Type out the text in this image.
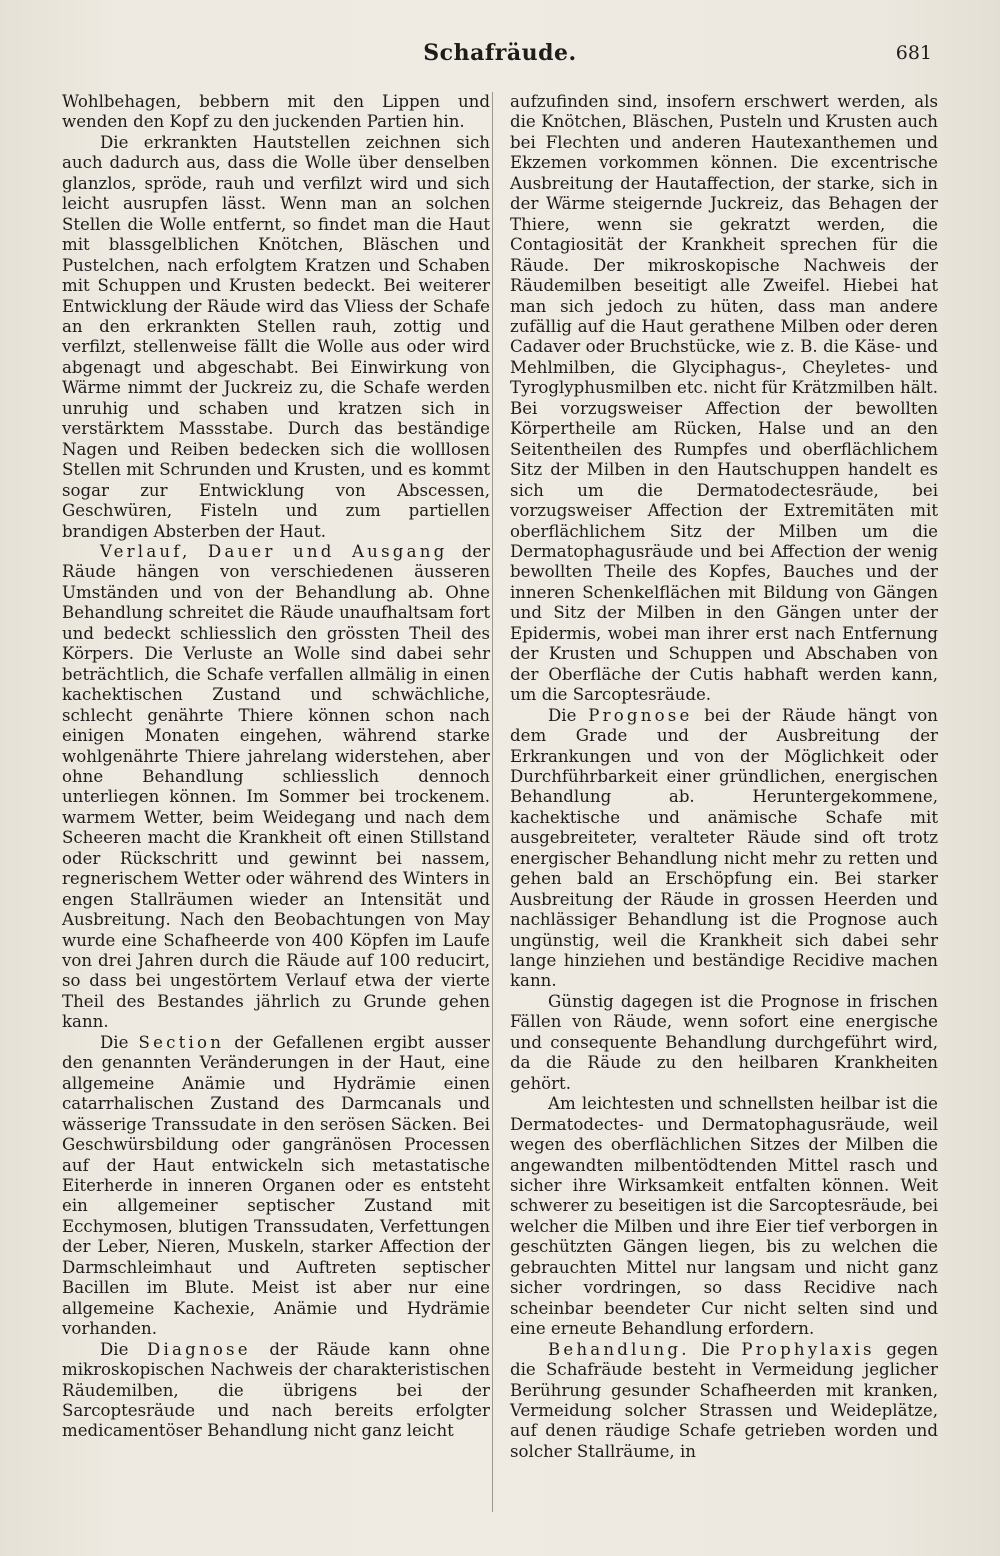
Schafräude.	681

Wohlbehagen, bebbern mit den Lippen und wenden den Kopf zu den juckenden Partien hin.

Die erkrankten Hautstellen zeichnen sich auch dadurch aus, dass die Wolle über denselben glanzlos, spröde, rauh und verfilzt wird und sich leicht ausrupfen lässt. Wenn man an solchen Stellen die Wolle entfernt, so findet man die Haut mit blassgelblichen Knötchen, Bläschen und Pustelchen, nach erfolgtem Kratzen und Schaben mit Schuppen und Krusten bedeckt. Bei weiterer Entwicklung der Räude wird das Vliess der Schafe an den erkrankten Stellen rauh, zottig und verfilzt, stellenweise fällt die Wolle aus oder wird abgenagt und abgeschabt. Bei Einwirkung von Wärme nimmt der Juckreiz zu, die Schafe werden unruhig und schaben und kratzen sich in verstärktem Massstabe. Durch das beständige Nagen und Reiben bedecken sich die wolllosen Stellen mit Schrunden und Krusten, und es kommt sogar zur Entwicklung von Abscessen, Geschwüren, Fisteln und zum partiellen brandigen Absterben der Haut.

Verlauf, Dauer und Ausgang der Räude hängen von verschiedenen äusseren Umständen und von der Behandlung ab. Ohne Behandlung schreitet die Räude unaufhaltsam fort und bedeckt schliesslich den grössten Theil des Körpers. Die Verluste an Wolle sind dabei sehr beträchtlich, die Schafe verfallen allmälig in einen kachektischen Zustand und schwächliche, schlecht genährte Thiere können schon nach einigen Monaten eingehen, während starke wohlgenährte Thiere jahrelang widerstehen, aber ohne Behandlung schliesslich dennoch unterliegen können. Im Sommer bei trockenem. warmem Wetter, beim Weidegang und nach dem Scheeren macht die Krankheit oft einen Stillstand oder Rückschritt und gewinnt bei nassem, regnerischem Wetter oder während des Winters in engen Stallräumen wieder an Intensität und Ausbreitung. Nach den Beobachtungen von May wurde eine Schafheerde von 400 Köpfen im Laufe von drei Jahren durch die Räude auf 100 reducirt, so dass bei ungestörtem Verlauf etwa der vierte Theil des Bestandes jährlich zu Grunde gehen kann.

Die Section der Gefallenen ergibt ausser den genannten Veränderungen in der Haut, eine allgemeine Anämie und Hydrämie einen catarrhalischen Zustand des Darmcanals und wässerige Transsudate in den serösen Säcken. Bei Geschwürsbildung oder gangränösen Processen auf der Haut entwickeln sich metastatische Eiterherde in inneren Organen oder es entsteht ein allgemeiner septischer Zustand mit Ecchymosen, blutigen Transsudaten, Verfettungen der Leber, Nieren, Muskeln, starker Affection der Darmschleimhaut und Auftreten septischer Bacillen im Blute. Meist ist aber nur eine allgemeine Kachexie, Anämie und Hydrämie vorhanden.

Die Diagnose der Räude kann ohne mikroskopischen Nachweis der charakteristischen Räudemilben, die übrigens bei der Sarcoptesräude und nach bereits erfolgter medicamentöser Behandlung nicht ganz leicht

aufzufinden sind, insofern erschwert werden, als die Knötchen, Bläschen, Pusteln und Krusten auch bei Flechten und anderen Hautexanthemen und Ekzemen vorkommen können. Die excentrische Ausbreitung der Hautaffection, der starke, sich in der Wärme steigernde Juckreiz, das Behagen der Thiere, wenn sie gekratzt werden, die Contagiosität der Krankheit sprechen für die Räude. Der mikroskopische Nachweis der Räudemilben beseitigt alle Zweifel. Hiebei hat man sich jedoch zu hüten, dass man andere zufällig auf die Haut gerathene Milben oder deren Cadaver oder Bruchstücke, wie z. B. die Käse- und Mehlmilben, die Glyciphagus-, Cheyletes- und Tyroglyphusmilben etc. nicht für Krätzmilben hält. Bei vorzugsweiser Affection der bewollten Körpertheile am Rücken, Halse und an den Seitentheilen des Rumpfes und oberflächlichem Sitz der Milben in den Hautschuppen handelt es sich um die Dermatodectesräude, bei vorzugsweiser Affection der Extremitäten mit oberflächlichem Sitz der Milben um die Dermatophagusräude und bei Affection der wenig bewollten Theile des Kopfes, Bauches und der inneren Schenkelflächen mit Bildung von Gängen und Sitz der Milben in den Gängen unter der Epidermis, wobei man ihrer erst nach Entfernung der Krusten und Schuppen und Abschaben von der Oberfläche der Cutis habhaft werden kann, um die Sarcoptesräude.

Die Prognose bei der Räude hängt von dem Grade und der Ausbreitung der Erkrankungen und von der Möglichkeit oder Durchführbarkeit einer gründlichen, energischen Behandlung ab. Heruntergekommene, kachektische und anämische Schafe mit ausgebreiteter, veralteter Räude sind oft trotz energischer Behandlung nicht mehr zu retten und gehen bald an Erschöpfung ein. Bei starker Ausbreitung der Räude in grossen Heerden und nachlässiger Behandlung ist die Prognose auch ungünstig, weil die Krankheit sich dabei sehr lange hinziehen und beständige Recidive machen kann.

Günstig dagegen ist die Prognose in frischen Fällen von Räude, wenn sofort eine energische und consequente Behandlung durchgeführt wird, da die Räude zu den heilbaren Krankheiten gehört.

Am leichtesten und schnellsten heilbar ist die Dermatodectes- und Dermatophagusräude, weil wegen des oberflächlichen Sitzes der Milben die angewandten milbentödtenden Mittel rasch und sicher ihre Wirksamkeit entfalten können. Weit schwerer zu beseitigen ist die Sarcoptesräude, bei welcher die Milben und ihre Eier tief verborgen in geschützten Gängen liegen, bis zu welchen die gebrauchten Mittel nur langsam und nicht ganz sicher vordringen, so dass Recidive nach scheinbar beendeter Cur nicht selten sind und eine erneute Behandlung erfordern.

Behandlung. Die Prophylaxis gegen die Schafräude besteht in Vermeidung jeglicher Berührung gesunder Schafheerden mit kranken, Vermeidung solcher Strassen und Weideplätze, auf denen räudige Schafe getrieben worden und solcher Stallräume, in
